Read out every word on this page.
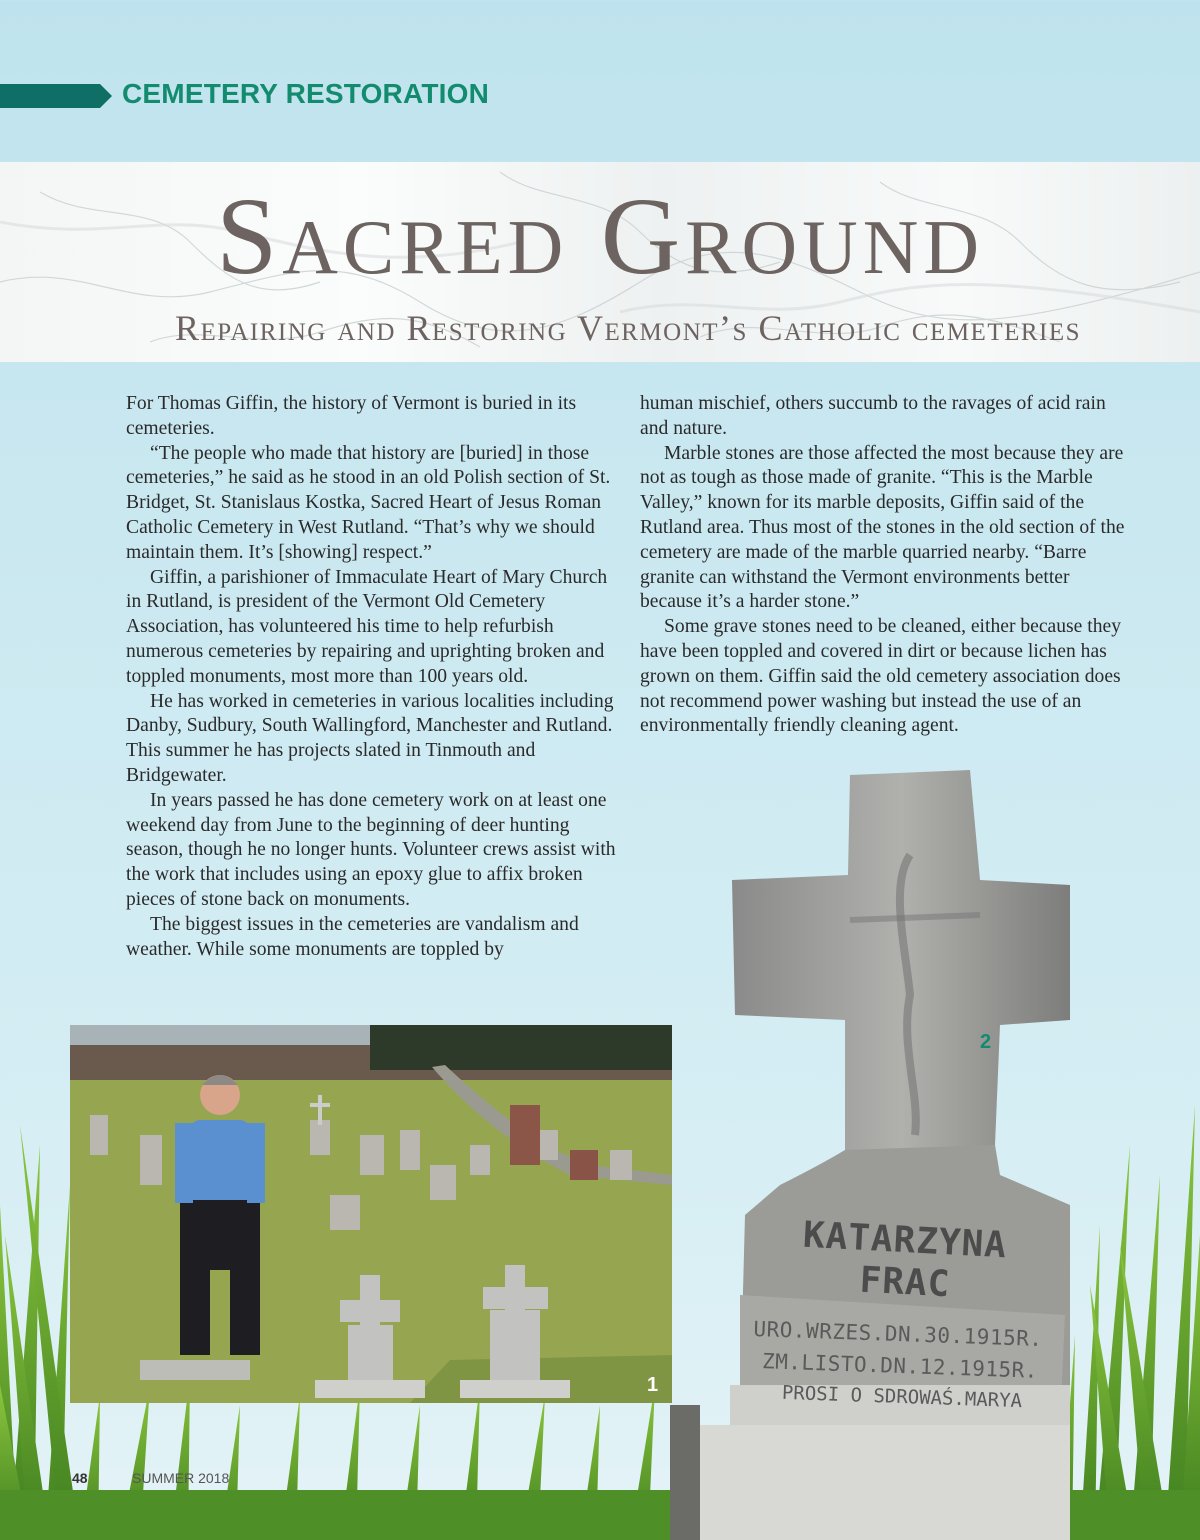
CEMETERY RESTORATION
Sacred Ground
Repairing and Restoring Vermont’s Catholic cemeteries

For Thomas Giffin, the history of Vermont is buried in its cemeteries.

“The people who made that history are [buried] in those cemeteries,” he said as he stood in an old Polish section of St. Bridget, St. Stanislaus Kostka, Sacred Heart of Jesus Roman Catholic Cemetery in West Rutland. “That’s why we should maintain them. It’s [showing] respect.”

Giffin, a parishioner of Immaculate Heart of Mary Church in Rutland, is president of the Vermont Old Cemetery Association, has volunteered his time to help refurbish numerous cemeteries by repairing and uprighting broken and toppled monuments, most more than 100 years old.

He has worked in cemeteries in various localities including Danby, Sudbury, South Wallingford, Manchester and Rutland. This summer he has projects slated in Tinmouth and Bridgewater.

In years passed he has done cemetery work on at least one weekend day from June to the beginning of deer hunting season, though he no longer hunts. Volunteer crews assist with the work that includes using an epoxy glue to affix broken pieces of stone back on monuments.

The biggest issues in the cemeteries are vandalism and weather. While some monuments are toppled by

human mischief, others succumb to the ravages of acid rain and nature.

Marble stones are those affected the most because they are not as tough as those made of granite. “This is the Marble Valley,” known for its marble deposits, Giffin said of the Rutland area. Thus most of the stones in the old section of the cemetery are made of the marble quarried nearby. “Barre granite can withstand the Vermont environments better because it’s a harder stone.”

Some grave stones need to be cleaned, either because they have been toppled and covered in dirt or because lichen has grown on them. Giffin said the old cemetery association does not recommend power washing but instead the use of an environmentally friendly cleaning agent.

1
2
KATARZYNA
FRAC
URO.WRZES.DN.30.1915R.
ZM.LISTO.DN.12.1915R.
PROSI O SDROWAŚ.MARYA
48	SUMMER 2018
